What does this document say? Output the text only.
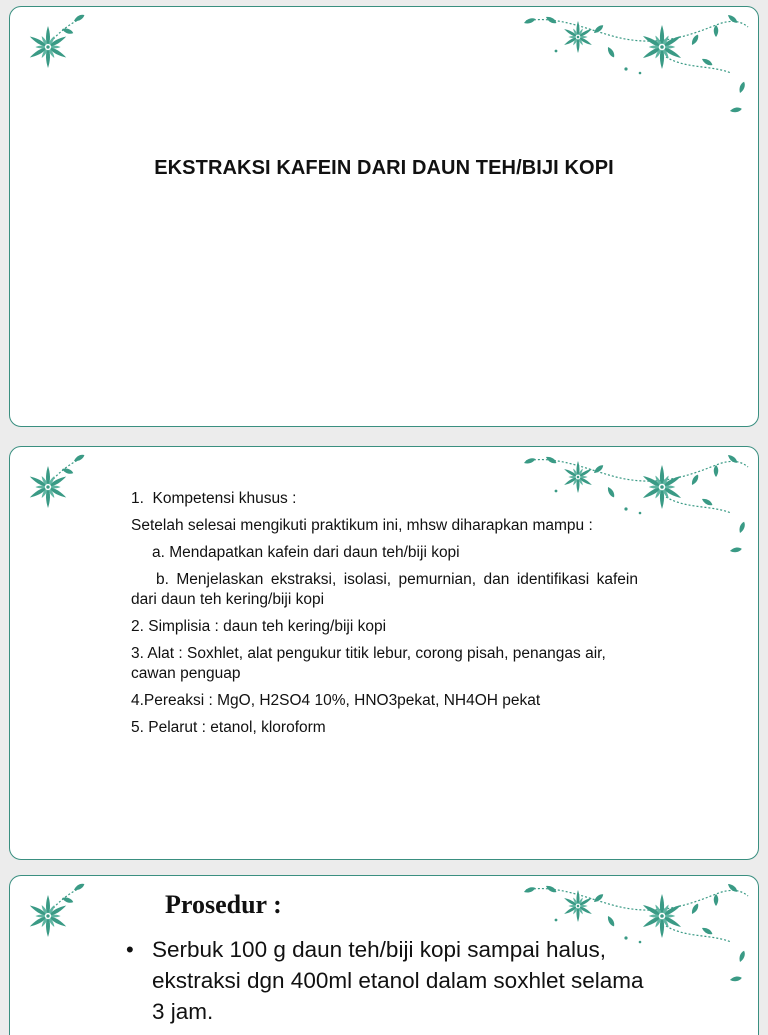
EKSTRAKSI KAFEIN DARI DAUN TEH/BIJI KOPI

1.  Kompetensi khusus :

Setelah selesai mengikuti praktikum ini, mhsw diharapkan mampu :

a. Mendapatkan kafein dari daun teh/biji kopi

b. Menjelaskan ekstraksi, isolasi, pemurnian, dan identifikasi kafein dari daun teh kering/biji kopi

2. Simplisia : daun teh kering/biji kopi

3. Alat : Soxhlet, alat pengukur titik lebur, corong pisah, penangas air, cawan penguap

4.Pereaksi : MgO, H2SO4 10%, HNO3pekat, NH4OH pekat

5. Pelarut : etanol, kloroform

Prosedur :
• Serbuk 100 g daun teh/biji kopi sampai halus, ekstraksi dgn 400ml etanol dalam soxhlet selama 3 jam.
